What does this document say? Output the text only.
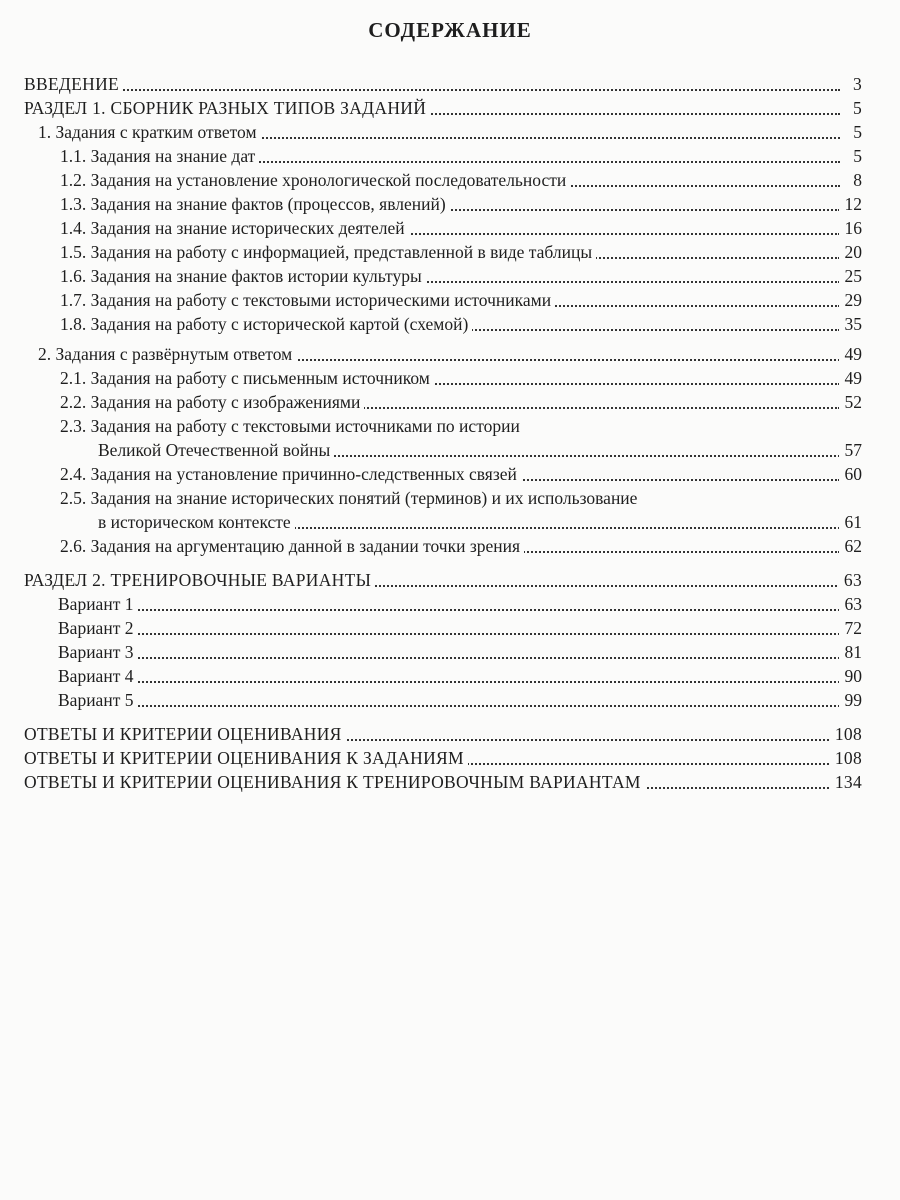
СОДЕРЖАНИЕ
ВВЕДЕНИЕ	3
РАЗДЕЛ 1. СБОРНИК РАЗНЫХ ТИПОВ ЗАДАНИЙ	5
1. Задания с кратким ответом	5
1.1. Задания на знание дат	5
1.2. Задания на установление хронологической последовательности	8
1.3. Задания на знание фактов (процессов, явлений)	12
1.4. Задания на знание исторических деятелей	16
1.5. Задания на работу с информацией, представленной в виде таблицы	20
1.6. Задания на знание фактов истории культуры	25
1.7. Задания на работу с текстовыми историческими источниками	29
1.8. Задания на работу с исторической картой (схемой)	35
2. Задания с развёрнутым ответом	49
2.1. Задания на работу с письменным источником	49
2.2. Задания на работу с изображениями	52
2.3. Задания на работу с текстовыми источниками по истории
Великой Отечественной войны	57
2.4. Задания на установление причинно-следственных связей	60
2.5. Задания на знание исторических понятий (терминов) и их использование
в историческом контексте	61
2.6. Задания на аргументацию данной в задании точки зрения	62
РАЗДЕЛ 2. ТРЕНИРОВОЧНЫЕ ВАРИАНТЫ	63
Вариант 1	63
Вариант 2	72
Вариант 3	81
Вариант 4	90
Вариант 5	99
ОТВЕТЫ И КРИТЕРИИ ОЦЕНИВАНИЯ	108
ОТВЕТЫ И КРИТЕРИИ ОЦЕНИВАНИЯ К ЗАДАНИЯМ	108
ОТВЕТЫ И КРИТЕРИИ ОЦЕНИВАНИЯ К ТРЕНИРОВОЧНЫМ ВАРИАНТАМ	134
